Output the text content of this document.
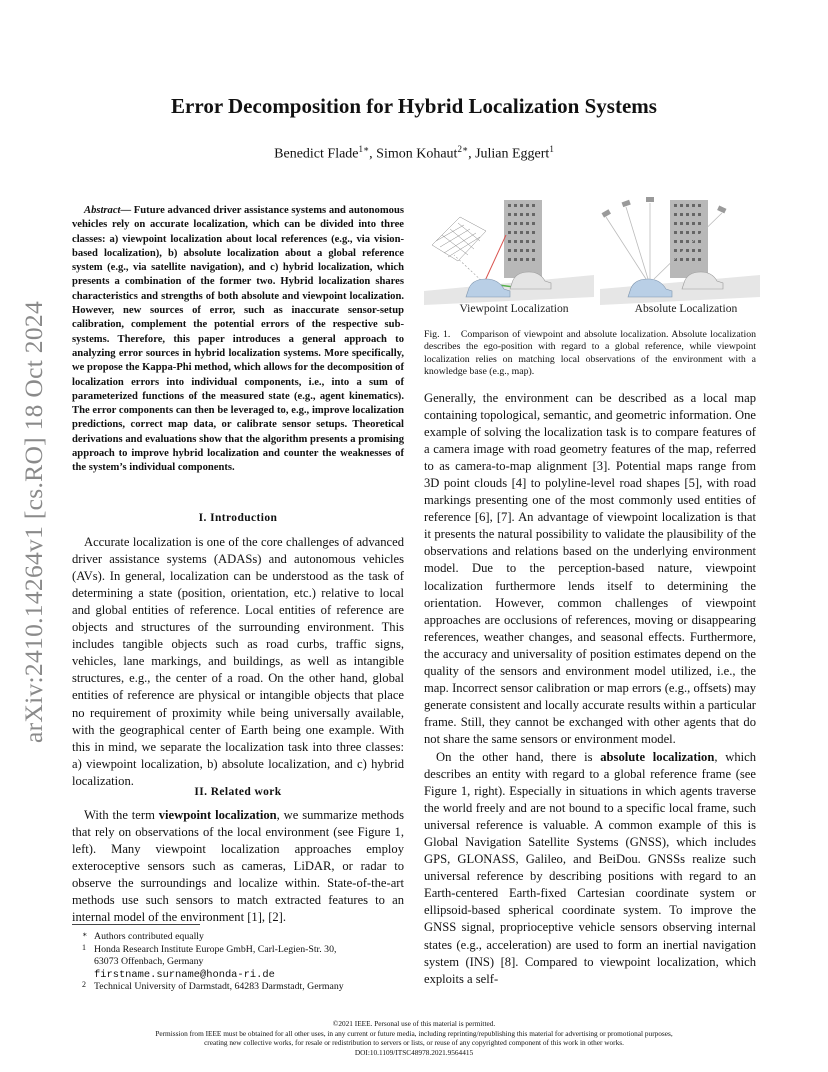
arXiv:2410.14264v1 [cs.RO] 18 Oct 2024
Error Decomposition for Hybrid Localization Systems
Benedict Flade$^{1∗}$, Simon Kohaut$^{2∗}$, Julian Eggert$^1$
Abstract— Future advanced driver assistance systems and autonomous vehicles rely on accurate localization, which can be divided into three classes: a) viewpoint localization about local references (e.g., via vision-based localization), b) absolute localization about a global reference system (e.g., via satellite navigation), and c) hybrid localization, which presents a combination of the former two. Hybrid localization shares characteristics and strengths of both absolute and viewpoint localization. However, new sources of error, such as inaccurate sensor-setup calibration, complement the potential errors of the respective sub-systems. Therefore, this paper introduces a general approach to analyzing error sources in hybrid localization systems. More specifically, we propose the Kappa-Phi method, which allows for the decomposition of localization errors into individual components, i.e., into a sum of parameterized functions of the measured state (e.g., agent kinematics). The error components can then be leveraged to, e.g., improve localization predictions, correct map data, or calibrate sensor setups. Theoretical derivations and evaluations show that the algorithm presents a promising approach to improve hybrid localization and counter the weaknesses of the system’s individual components.
I. Introduction

Accurate localization is one of the core challenges of advanced driver assistance systems (ADASs) and autonomous vehicles (AVs). In general, localization can be understood as the task of determining a state (position, orientation, etc.) relative to local and global entities of reference. Local entities of reference are objects and structures of the surrounding environment. This includes tangible objects such as road curbs, traffic signs, vehicles, lane markings, and buildings, as well as intangible structures, e.g., the center of a road. On the other hand, global entities of reference are physical or intangible objects that place no requirement of proximity while being universally available, with the geographical center of Earth being one example. With this in mind, we separate the localization task into three classes: a) viewpoint localization, b) absolute localization, and c) hybrid localization.

II. Related work

With the term viewpoint localization, we summarize methods that rely on observations of the local environment (see Figure 1, left). Many viewpoint localization approaches employ exteroceptive sensors such as cameras, LiDAR, or radar to observe the surroundings and localize within. State-of-the-art methods use such sensors to match extracted features to an internal model of the environment [1], [2].

Viewpoint Localization	Absolute Localization
Fig. 1. Comparison of viewpoint and absolute localization. Absolute localization describes the ego-position with regard to a global reference, while viewpoint localization relies on matching local observations of the environment with a knowledge base (e.g., map).

Generally, the environment can be described as a local map containing topological, semantic, and geometric information. One example of solving the localization task is to compare features of a camera image with road geometry features of the map, referred to as camera-to-map alignment [3]. Potential maps range from 3D point clouds [4] to polyline-level road shapes [5], with road markings presenting one of the most commonly used entities of reference [6], [7]. An advantage of viewpoint localization is that it presents the natural possibility to validate the plausibility of the observations and relations based on the underlying environment model. Due to the perception-based nature, viewpoint localization furthermore lends itself to determining the orientation. However, common challenges of viewpoint approaches are occlusions of references, moving or disappearing references, weather changes, and seasonal effects. Furthermore, the accuracy and universality of position estimates depend on the quality of the sensors and environment model utilized, i.e., the map. Incorrect sensor calibration or map errors (e.g., offsets) may generate consistent and locally accurate results within a particular frame. Still, they cannot be exchanged with other agents that do not share the same sensors or environment model.

On the other hand, there is absolute localization, which describes an entity with regard to a global reference frame (see Figure 1, right). Especially in situations in which agents traverse the world freely and are not bound to a specific local frame, such universal reference is valuable. A common example of this is Global Navigation Satellite Systems (GNSS), which includes GPS, GLONASS, Galileo, and BeiDou. GNSSs realize such universal reference by describing positions with regard to an Earth-centered Earth-fixed Cartesian coordinate system or ellipsoid-based spherical coordinate system. To improve the GNSS signal, proprioceptive vehicle sensors observing internal states (e.g., acceleration) are used to form an inertial navigation system (INS) [8]. Compared to viewpoint localization, which exploits a self-

∗ Authors contributed equally
1 Honda Research Institute Europe GmbH, Carl-Legien-Str. 30,
63073 Offenbach, Germany
firstname.surname@honda-ri.de
2 Technical University of Darmstadt, 64283 Darmstadt, Germany
©2021 IEEE. Personal use of this material is permitted.
Permission from IEEE must be obtained for all other uses, in any current or future media, including reprinting/republishing this material for advertising or promotional purposes,
creating new collective works, for resale or redistribution to servers or lists, or reuse of any copyrighted component of this work in other works.
DOI:10.1109/ITSC48978.2021.9564415
